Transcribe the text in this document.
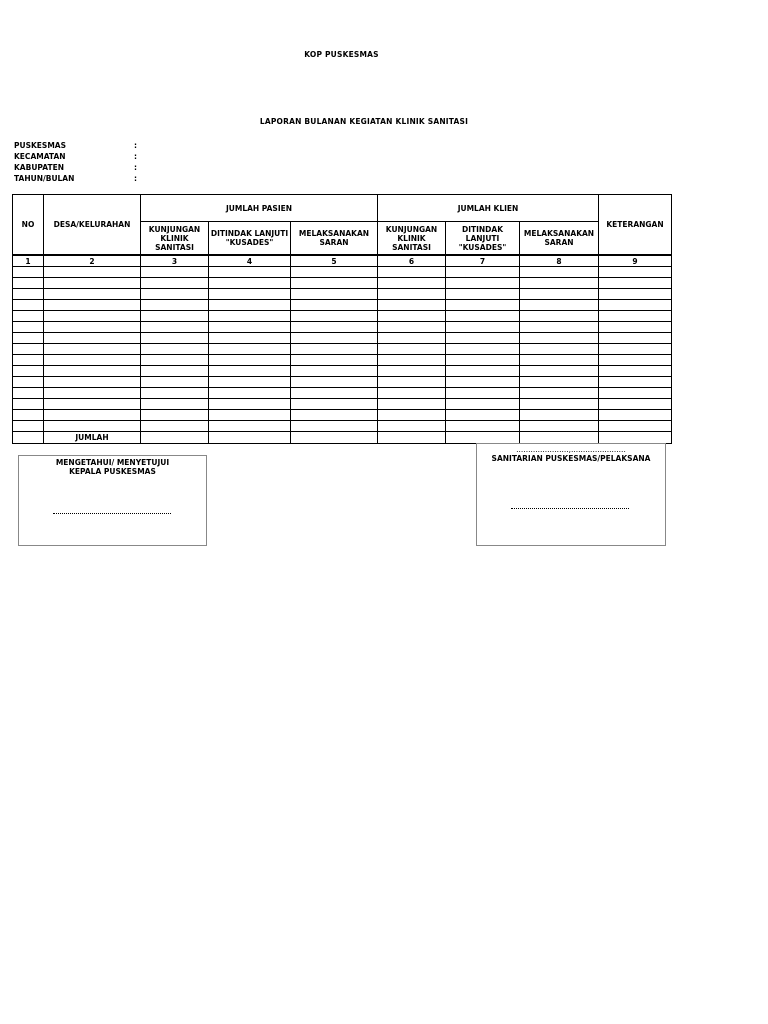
KOP PUSKESMAS
LAPORAN BULANAN KEGIATAN KLINIK SANITASI
PUSKESMAS	:
KECAMATAN	:
KABUPATEN	:
TAHUN/BULAN	:
NO	DESA/KELURAHAN	JUMLAH PASIEN			JUMLAH KLIEN			KETERANGAN
		KUNJUNGAN KLINIK SANITASI	DITINDAK LANJUTI "KUSADES"	MELAKSANAKAN SARAN	KUNJUNGAN KLINIK SANITASI	DITINDAK LANJUTI "KUSADES"	MELAKSANAKAN SARAN	
1	2	3	4	5	6	7	8	9

	JUMLAH							
MENGETAHUI/ MENYETUJUI
KEPALA PUSKESMAS
......................,.......................
SANITARIAN PUSKESMAS/PELAKSANA
